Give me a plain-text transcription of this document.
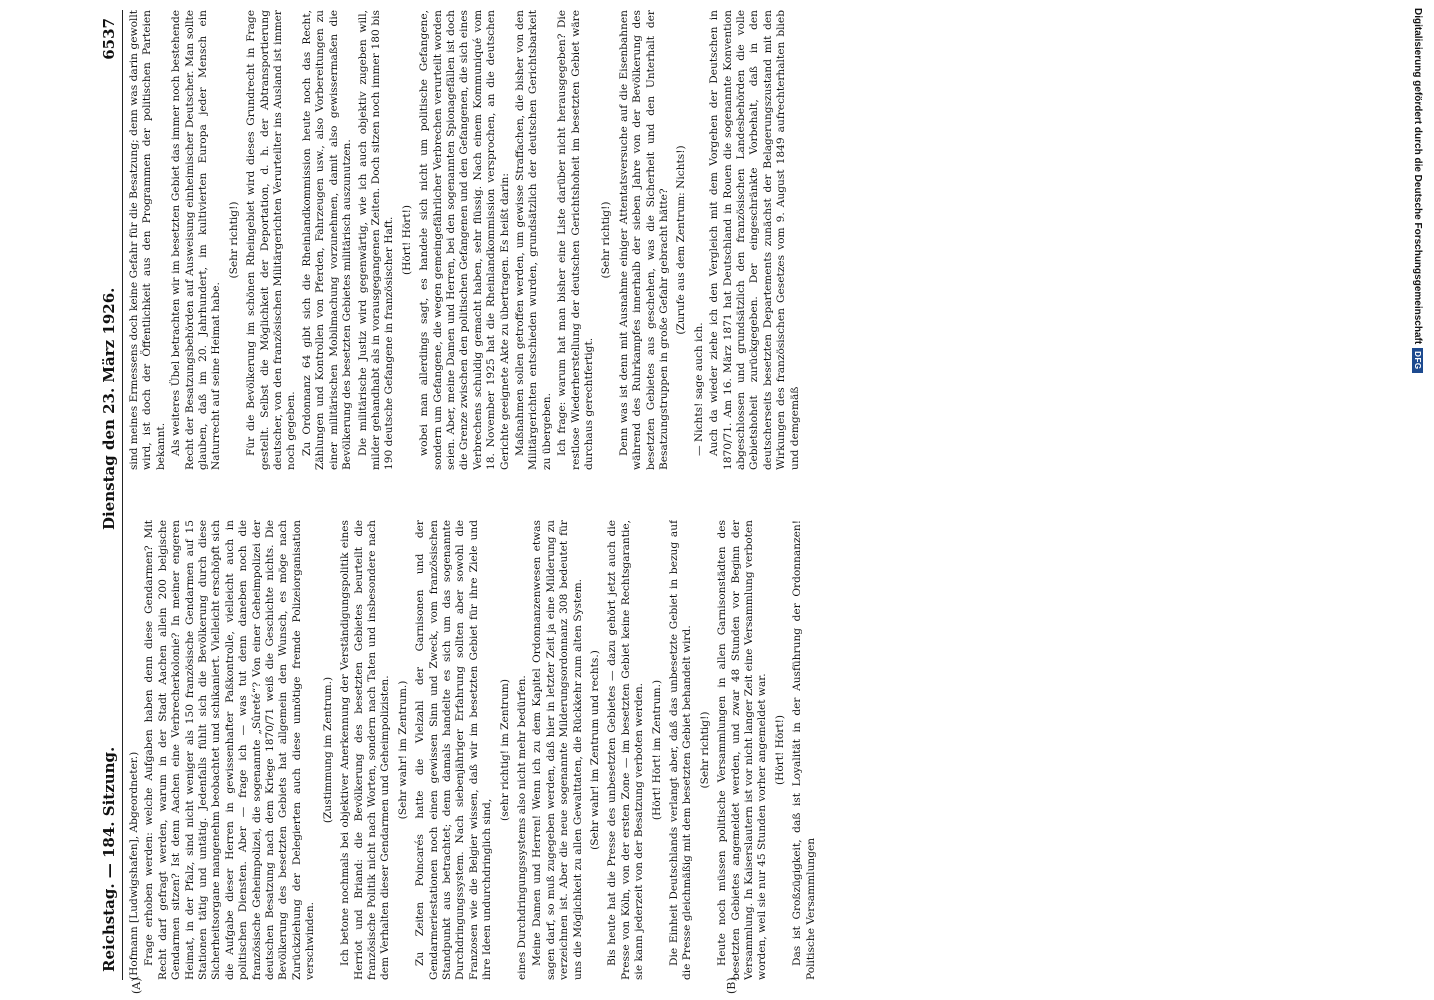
Reichstag. — 184. Sitzung.
Dienstag den 23. März 1926.
6537
(A)	(B)

(Hofmann [Ludwigshafen], Abgeordneter.) Frage erhoben werden: welche Aufgaben haben denn diese Gendarmen? Mit Recht darf gefragt werden, warum in der Stadt Aachen allein 200 belgische Gendarmen sitzen? Ist denn Aachen eine Verbrecherkolonie? In meiner engeren Heimat, in der Pfalz, sind nicht weniger als 150 französische Gendarmen auf 15 Stationen tätig und untätig. Jedenfalls fühlt sich die Bevölkerung durch diese Sicherheitsorgane mangenehm beobachtet und schikaniert. Vielleicht erschöpft sich die Aufgabe dieser Herren in gewissenhafter Paßkontrolle, vielleicht auch in politischen Diensten. Aber — frage ich — was tut denn daneben noch die französische Geheimpolizei, die sogenannte „Sûreté“? Von einer Geheimpolizei der deutschen Besatzung nach dem Kriege 1870/71 weiß die Geschichte nichts. Die Bevölkerung des besetzten Gebiets hat allgemein den Wunsch, es möge nach Zurückziehung der Delegierten auch diese unnötige fremde Polizeiorganisation verschwinden.

(Zustimmung im Zentrum.) Ich betone nochmals bei objektiver Anerkennung der Verständigungspolitik eines Herriot und Briand: die Bevölkerung des besetzten Gebietes beurteilt die französische Politik nicht nach Worten, sondern nach Taten und insbesondere nach dem Verhalten dieser Gendarmen und Geheimpolizisten. (Sehr wahr! im Zentrum.) Zu Zeiten Poincarés hatte die Vielzahl der Garnisonen und der Gendarmeriestationen noch einen gewissen Sinn und Zweck, vom französischen Standpunkt aus betrachtet; denn damals handelte es sich um das sogenannte Durchdringungssystem. Nach siebenjähriger Erfahrung sollten aber sowohl die Franzosen wie die Belgier wissen, daß wir im besetzten Gebiet für ihre Ziele und ihre Ideen undurchdringlich sind,

(sehr richtig! im Zentrum) eines Durchdringungssystems also nicht mehr bedürfen. Meine Damen und Herren! Wenn ich zu dem Kapitel Ordonnanzenwesen etwas sagen darf, so muß zugegeben werden, daß hier in letzter Zeit ja eine Milderung zu verzeichnen ist. Aber die neue sogenannte Milderungsordonnanz 308 bedeutet für uns die Möglichkeit zu allen Gewalttaten, die Rückkehr zum alten System. (Sehr wahr! im Zentrum und rechts.) Bis heute hat die Presse des unbesetzten Gebietes — dazu gehört jetzt auch die Presse von Köln, von der ersten Zone — im besetzten Gebiet keine Rechtsgarantie, sie kann jederzeit von der Besatzung verboten werden. (Hört! Hört! im Zentrum.) Die Einheit Deutschlands verlangt aber, daß das unbesetzte Gebiet in bezug auf die Presse gleichmäßig mit dem besetzten Gebiet behandelt wird. (Sehr richtig!) Heute noch müssen politische Versammlungen in allen Garnisonstädten des besetzten Gebietes angemeldet werden, und zwar 48 Stunden vor Beginn der Versammlung. In Kaiserslautern ist vor nicht langer Zeit eine Versammlung verboten worden, weil sie nur 45 Stunden vorher angemeldet war. (Hört! Hört!) Das ist Großzügigkeit, daß ist Loyalität in der Ausführung der Ordonnanzen! Politische Versammlungen

sind meines Ermessens doch keine Gefahr für die Besatzung; denn was darin gewollt wird, ist doch der Öffentlichkeit aus den Programmen der politischen Parteien bekannt. Als weiteres Übel betrachten wir im besetzten Gebiet das immer noch bestehende Recht der Besatzungsbehörden auf Ausweisung einheimischer Deutscher. Man sollte glauben, daß im 20. Jahrhundert, im kultivierten Europa jeder Mensch ein Naturrecht auf seine Heimat habe.

(Sehr richtig!) Für die Bevölkerung im schönen Rheingebiet wird dieses Grundrecht in Frage gestellt. Selbst die Möglichkeit der Deportation, d. h. der Abtransportierung deutscher, von den französischen Militärgerichten Verurteilter ins Ausland ist immer noch gegeben. Zu Ordonnanz 64 gibt sich die Rheinlandkommission heute noch das Recht, Zählungen und Kontrollen von Pferden, Fahrzeugen usw., also Vorbereitungen zu einer militärischen Mobilmachung vorzunehmen, damit also gewissermaßen die Bevölkerung des besetzten Gebietes militärisch auszunutzen. Die militärische Justiz wird gegenwärtig, wie ich auch objektiv zugeben will, milder gehandhabt als in vorausgegangenen Zeiten. Doch sitzen noch immer 180 bis 190 deutsche Gefangene in französischer Haft. (Hört! Hört!) wobei man allerdings sagt, es handele sich nicht um politische Gefangene, sondern um Gefangene, die wegen gemeingefährlicher Verbrechen verurteilt worden seien. Aber, meine Damen und Herren, bei den sogenannten Spionagefällen ist doch die Grenze zwischen den politischen Gefangenen und den Gefangenen, die sich eines Verbrechens schuldig gemacht haben, sehr flüssig. Nach einem Kommuniqué vom 18. November 1925 hat die Rheinlandkommission versprochen, an die deutschen Gerichte geeignete Akte zu übertragen. Es heißt darin: Maßnahmen sollen getroffen werden, um gewisse Straffachen, die bisher von den Militärgerichten entschieden wurden, grundsätzlich der deutschen Gerichtsbarkeit zu übergeben. Ich frage: warum hat man bisher eine Liste darüber nicht herausgegeben? Die restlose Wiederherstellung der deutschen Gerichtshoheit im besetzten Gebiet wäre durchaus gerechtfertigt.

(Sehr richtig!) Denn was ist denn mit Ausnahme einiger Attentatsversuche auf die Eisenbahnen während des Ruhrkampfes innerhalb der sieben Jahre von der Bevölkerung des besetzten Gebietes aus geschehen, was die Sicherheit und den Unterhalt der Besatzungstruppen in große Gefahr gebracht hätte? (Zurufe aus dem Zentrum: Nichts!)

— Nichts! sage auch ich. Auch da wieder ziehe ich den Vergleich mit dem Vorgehen der Deutschen in 1870/71. Am 16. März 1871 hat Deutschland in Rouen die sogenannte Konvention abgeschlossen und grundsätzlich den französischen Landesbehörden die volle Gebietshoheit zurückgegeben. Der eingeschränkte Vorbehalt, daß in den deutscherseits besetzten Departements zunächst der Belagerungszustand mit den Wirkungen des französischen Gesetzes vom 9. August 1849 aufrechterhalten blieb und demgemäß

Digitalisierung gefördert durch die Deutsche Forschungsgemeinschaft
DFG
